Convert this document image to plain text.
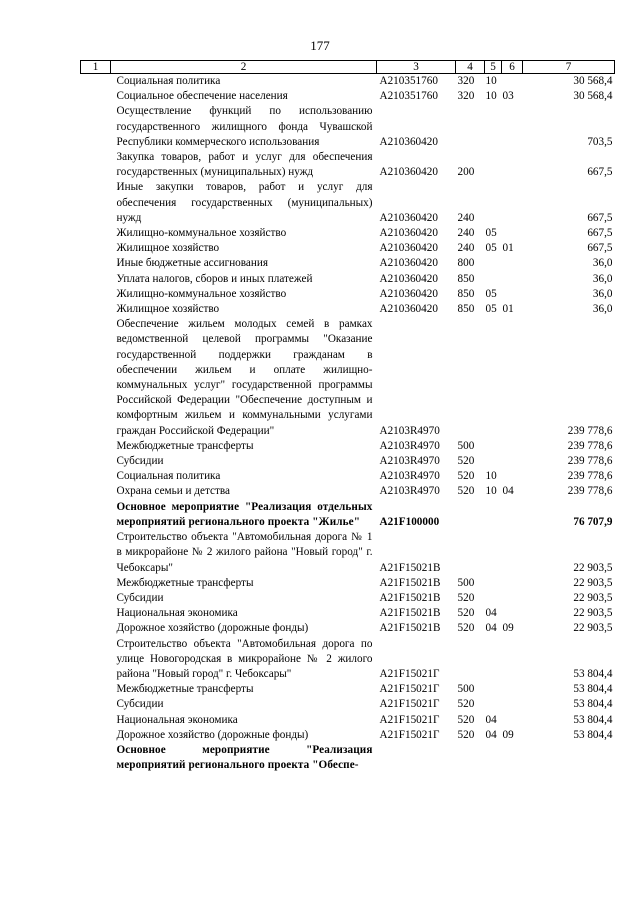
177
1	2	3	4	5	6	7
	Социальная политика	А210351760	320	10		30 568,4
	Социальное обеспечение населения	А210351760	320	10	03	30 568,4
	Осуществление функций по использованию государственного жилищного фонда Чувашской Республики коммерческого использования	А210360420				703,5
	Закупка товаров, работ и услуг для обеспечения государственных (муниципальных) нужд	А210360420	200			667,5
	Иные закупки товаров, работ и услуг для обеспечения государственных (муниципальных) нужд	А210360420	240			667,5
	Жилищно-коммунальное хозяйство	А210360420	240	05		667,5
	Жилищное хозяйство	А210360420	240	05	01	667,5
	Иные бюджетные ассигнования	А210360420	800			36,0
	Уплата налогов, сборов и иных платежей	А210360420	850			36,0
	Жилищно-коммунальное хозяйство	А210360420	850	05		36,0
	Жилищное хозяйство	А210360420	850	05	01	36,0
	Обеспечение жильем молодых семей в рамках ведомственной целевой программы "Оказание государственной поддержки гражданам в обеспечении жильем и оплате жилищно-коммунальных услуг" государственной программы Российской Федерации "Обеспечение доступным и комфортным жильем и коммунальными услугами граждан Российской Федерации"	А2103R4970				239 778,6
	Межбюджетные трансферты	А2103R4970	500			239 778,6
	Субсидии	А2103R4970	520			239 778,6
	Социальная политика	А2103R4970	520	10		239 778,6
	Охрана семьи и детства	А2103R4970	520	10	04	239 778,6
	Основное мероприятие "Реализация отдельных мероприятий регионального проекта "Жилье"	А21F100000				76 707,9
	Строительство объекта "Автомобильная дорога № 1 в микрорайоне № 2 жилого района "Новый город" г. Чебоксары"	А21F15021В				22 903,5
	Межбюджетные трансферты	А21F15021В	500			22 903,5
	Субсидии	А21F15021В	520			22 903,5
	Национальная экономика	А21F15021В	520	04		22 903,5
	Дорожное хозяйство (дорожные фонды)	А21F15021В	520	04	09	22 903,5
	Строительство объекта "Автомобильная дорога по улице Новогородская в микрорайоне № 2 жилого района "Новый город" г. Чебоксары"	А21F15021Г				53 804,4
	Межбюджетные трансферты	А21F15021Г	500			53 804,4
	Субсидии	А21F15021Г	520			53 804,4
	Национальная экономика	А21F15021Г	520	04		53 804,4
	Дорожное хозяйство (дорожные фонды)	А21F15021Г	520	04	09	53 804,4
	Основное мероприятие "Реализация мероприятий регионального проекта "Обеспе-					
